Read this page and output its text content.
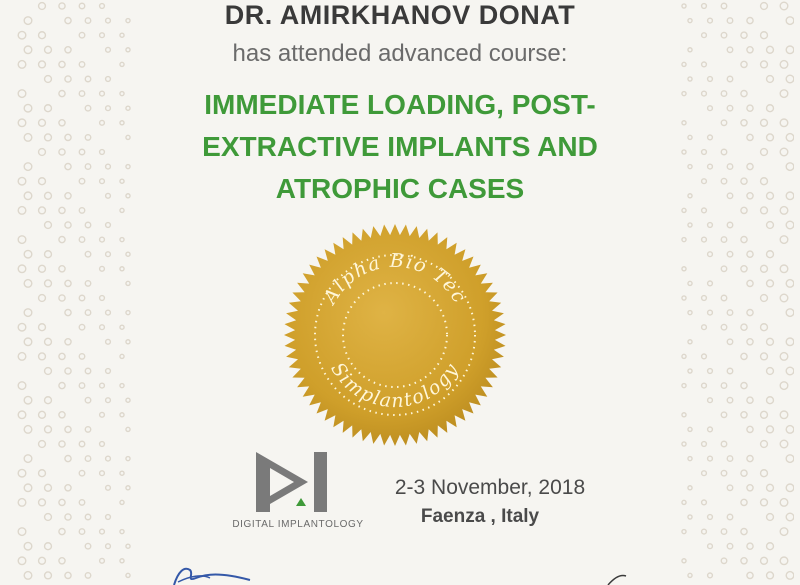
DR. AMIRKHANOV DONAT
has attended advanced course:
IMMEDIATE LOADING, POST-
EXTRACTIVE IMPLANTS AND
ATROPHIC CASES
Alpha Bio Tec
Simplantology
DIGITAL IMPLANTOLOGY
2-3 November, 2018
Faenza , Italy
